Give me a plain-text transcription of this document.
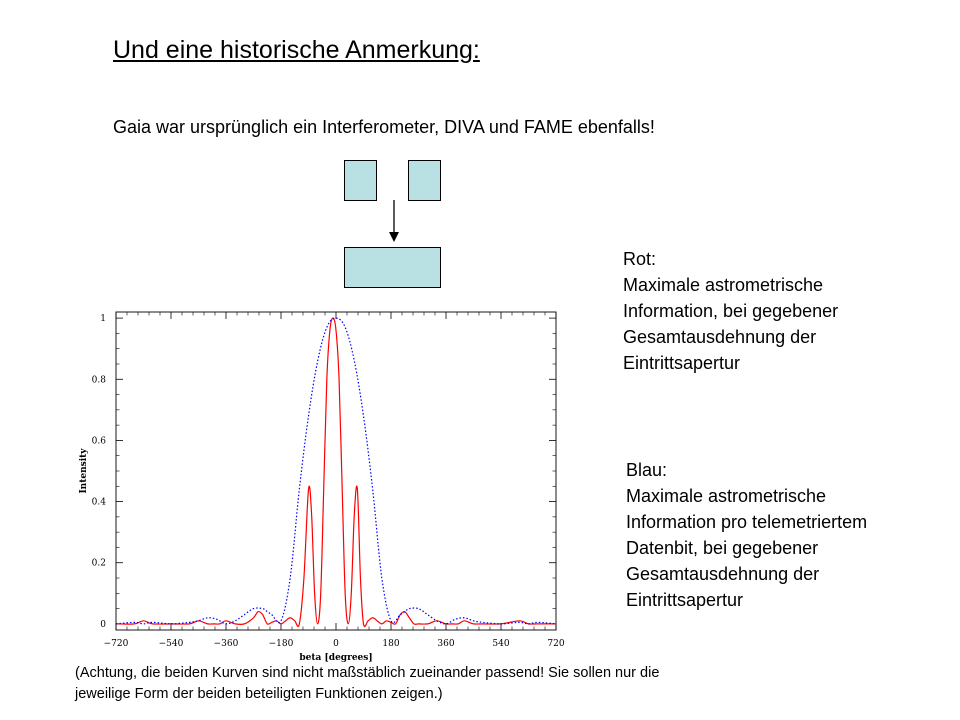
Und eine historische Anmerkung:
Gaia war ursprünglich ein Interferometer, DIVA und FAME ebenfalls!
Rot:
Maximale astrometrische
Information, bei gegebener
Gesamtausdehnung der
Eintrittsapertur
Blau:
Maximale astrometrische
Information pro telemetriertem
Datenbit, bei gegebener
Gesamtausdehnung der
Eintrittsapertur
(Achtung, die beiden Kurven sind nicht maßstäblich zueinander passend! Sie sollen nur die
jeweilige Form der beiden beteiligten Funktionen zeigen.)
−720	−540	−360	−180	0	180	360	540	720
0
0.2
0.4
0.6
0.8
1
beta [degrees]
Intensity
